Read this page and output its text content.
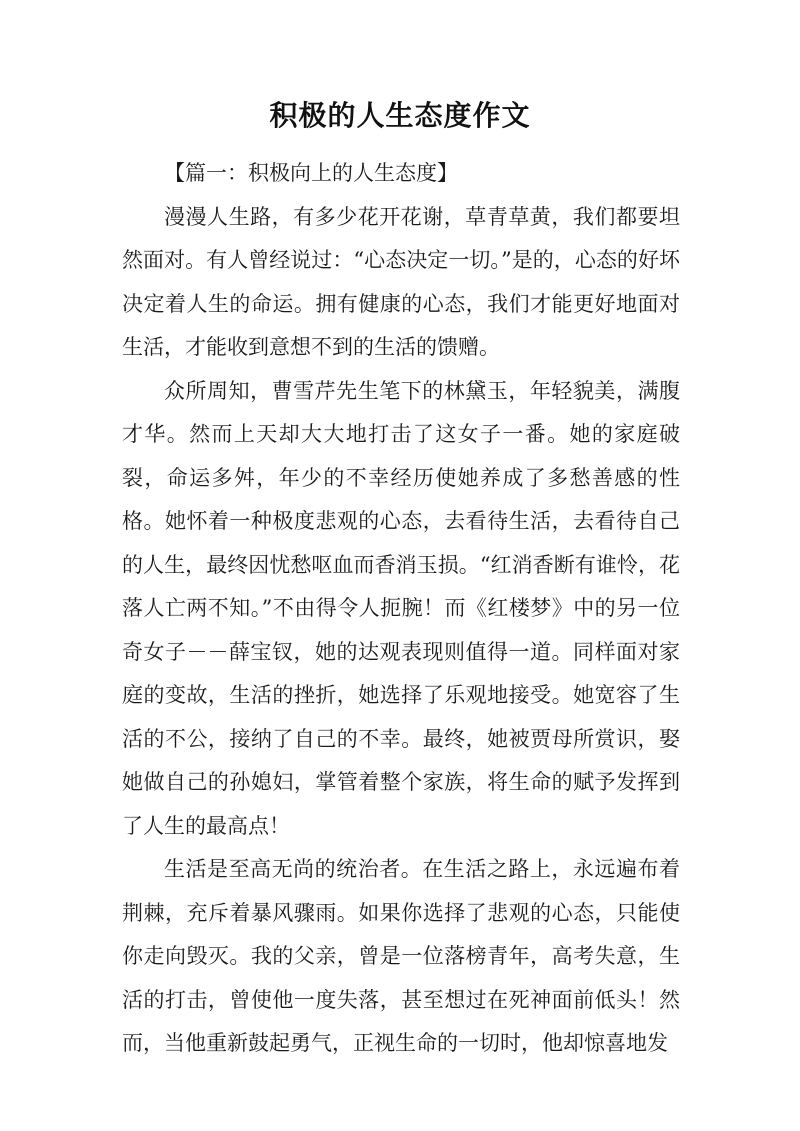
积极的人生态度作文

【篇一：积极向上的人生态度】

漫漫人生路，有多少花开花谢，草青草黄，我们都要坦然面对。有人曾经说过：“心态决定一切。”是的，心态的好坏决定着人生的命运。拥有健康的心态，我们才能更好地面对生活，才能收到意想不到的生活的馈赠。

众所周知，曹雪芹先生笔下的林黛玉，年轻貌美，满腹才华。然而上天却大大地打击了这女子一番。她的家庭破裂，命运多舛，年少的不幸经历使她养成了多愁善感的性格。她怀着一种极度悲观的心态，去看待生活，去看待自己的人生，最终因忧愁呕血而香消玉损。“红消香断有谁怜，花落人亡两不知。”不由得令人扼腕！而《红楼梦》中的另一位奇女子－－薛宝钗，她的达观表现则值得一道。同样面对家庭的变故，生活的挫折，她选择了乐观地接受。她宽容了生活的不公，接纳了自己的不幸。最终，她被贾母所赏识，娶她做自己的孙媳妇，掌管着整个家族，将生命的赋予发挥到了人生的最高点！

生活是至高无尚的统治者。在生活之路上，永远遍布着荆棘，充斥着暴风骤雨。如果你选择了悲观的心态，只能使你走向毁灭。我的父亲，曾是一位落榜青年，高考失意，生活的打击，曾使他一度失落，甚至想过在死神面前低头！然而，当他重新鼓起勇气，正视生命的一切时，他却惊喜地发
